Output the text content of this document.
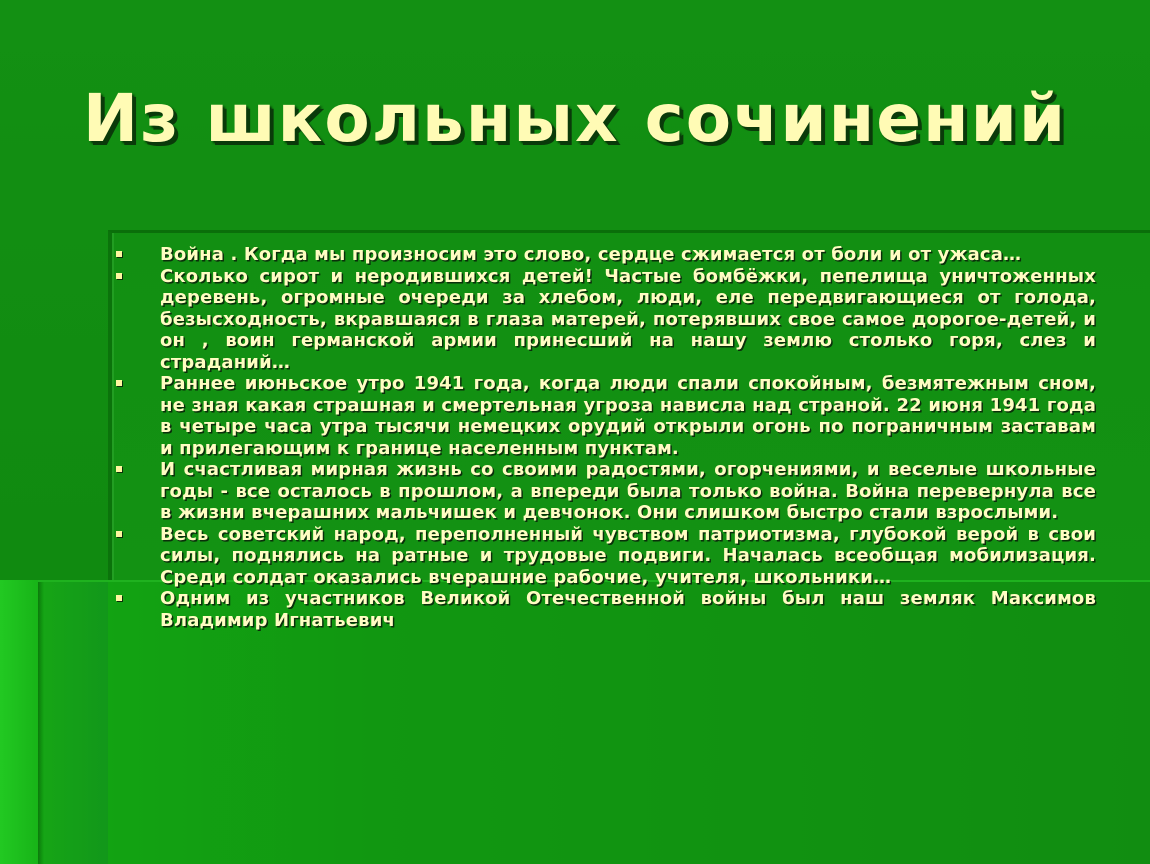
Из школьных сочинений
Война . Когда мы произносим это слово, сердце сжимается от боли и от ужаса…
Сколько сирот и неродившихся детей! Частые бомбёжки, пепелища уничтоженных деревень, огромные очереди за хлебом, люди, еле передвигающиеся от голода, безысходность, вкравшаяся в глаза матерей, потерявших свое самое дорогое-детей, и он , воин германской армии принесший на нашу землю столько горя, слез и страданий…
Раннее июньское утро 1941 года, когда люди спали спокойным, безмятежным сном, не зная какая страшная и смертельная угроза нависла над страной. 22 июня 1941 года в четыре часа утра тысячи немецких орудий открыли огонь по пограничным заставам и прилегающим к границе населенным пунктам.
И счастливая мирная жизнь со своими радостями, огорчениями, и веселые школьные годы - все осталось в прошлом, а впереди была только война. Война перевернула все в жизни вчерашних мальчишек и девчонок. Они слишком быстро стали взрослыми.
Весь советский народ, переполненный чувством патриотизма, глубокой верой в свои силы, поднялись на ратные и трудовые подвиги. Началась всеобщая мобилизация. Среди солдат оказались вчерашние рабочие, учителя, школьники…
Одним из участников Великой Отечественной войны был наш земляк Максимов Владимир Игнатьевич
